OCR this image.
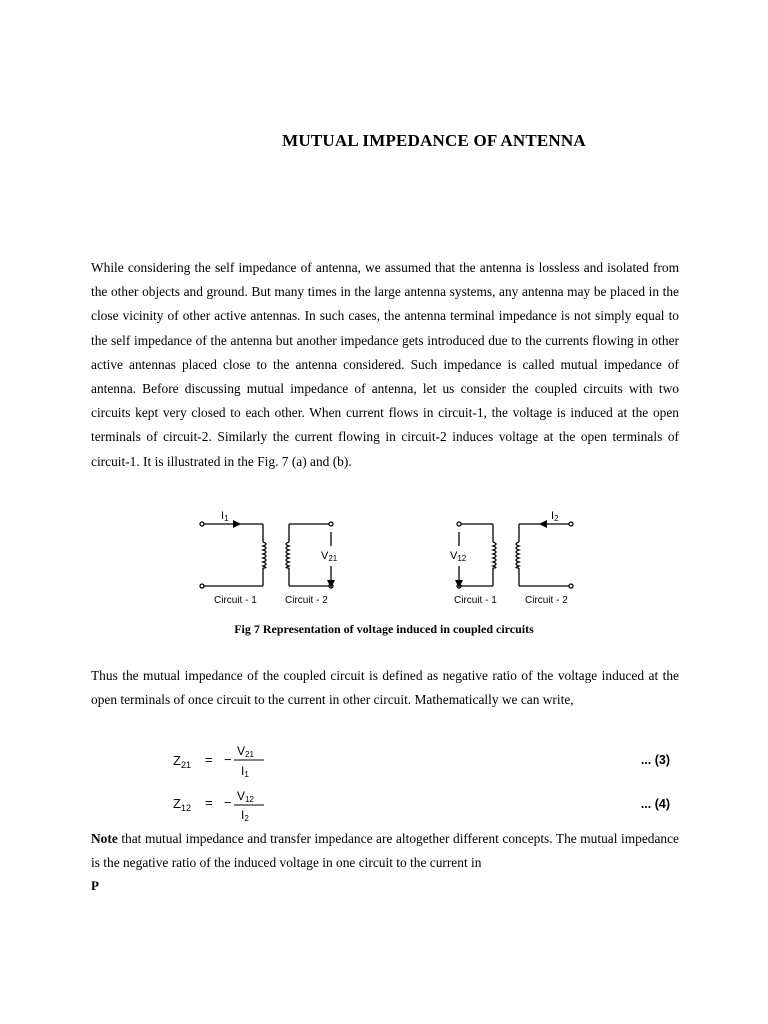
MUTUAL IMPEDANCE OF ANTENNA

While considering the self impedance of antenna, we assumed that the antenna is lossless and isolated from the other objects and ground. But many times in the large antenna systems, any antenna may be placed in the close vicinity of other active antennas. In such cases, the antenna terminal impedance is not simply equal to the self impedance of the antenna but another impedance gets introduced due to the currents flowing in other active antennas placed close to the antenna considered. Such impedance is called mutual impedance of antenna. Before discussing mutual impedance of antenna, let us consider the coupled circuits with two circuits kept very closed to each other. When current flows in circuit-1, the voltage is induced at the open terminals of circuit-2. Similarly the current flowing in circuit-2 induces voltage at the open terminals of circuit-1. It is illustrated in the Fig. 7 (a) and (b).

I1
V21
Circuit - 1	Circuit - 2
V12
I2
Circuit - 1	Circuit - 2
Fig 7 Representation of voltage induced in coupled circuits

Thus the mutual impedance of the coupled circuit is defined as negative ratio of the voltage induced at the open terminals of once circuit to the current in other circuit. Mathematically we can write,

$Z_{21}$ = −
V21
I1
... (3)
$Z_{12}$ = − V12
I2
... (4)

Note that mutual impedance and transfer impedance are altogether different concepts. The mutual impedance is the negative ratio of the induced voltage in one circuit to the current in

P
